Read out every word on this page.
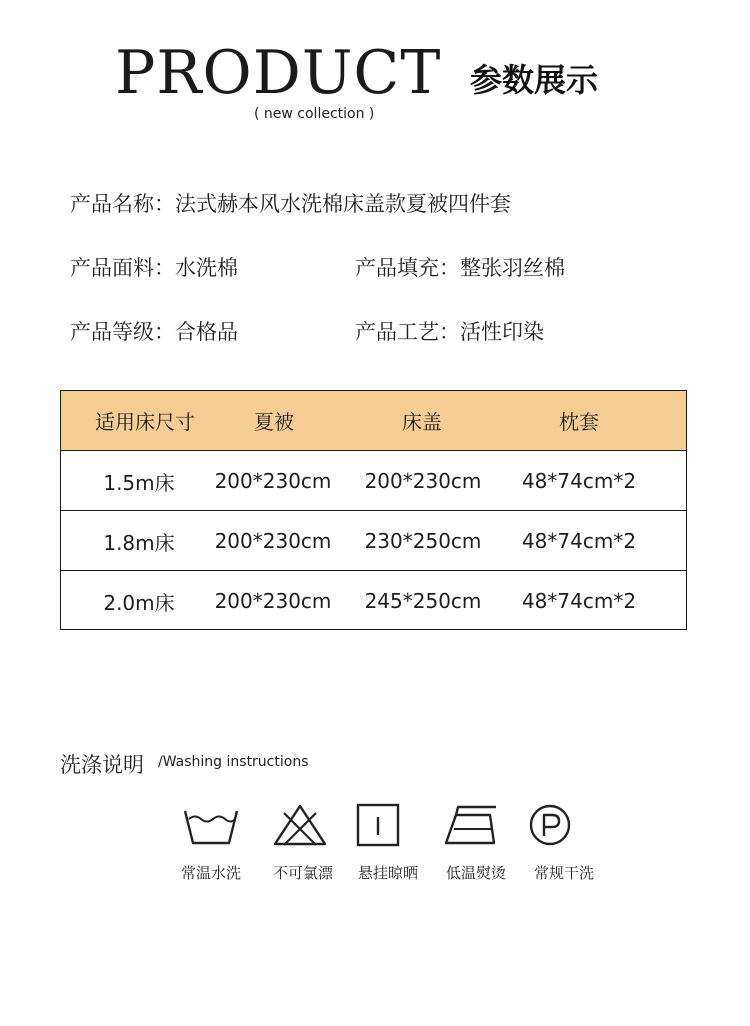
PRODUCT 参数展示
( new collection )
产品名称：法式赫本风水洗棉床盖款夏被四件套
产品面料：水洗棉	产品填充：整张羽丝棉
产品等级：合格品	产品工艺：活性印染
适用床尺寸	夏被	床盖	枕套
1.5m床	200*230cm 200*230cm 48*74cm*2
1.8m床	200*230cm 230*250cm 48*74cm*2
2.0m床	200*230cm 245*250cm 48*74cm*2
洗涤说明 /Washing instructions
常温水洗 不可氯漂 悬挂晾晒 低温熨烫 常规干洗
